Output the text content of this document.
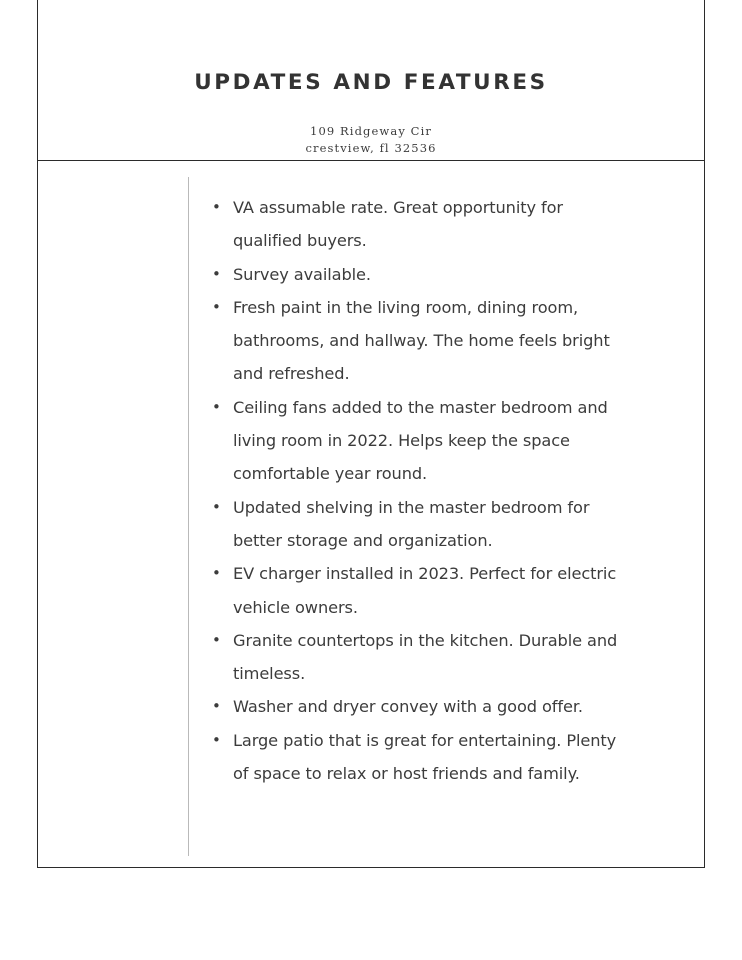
UPDATES AND FEATURES
109 Ridgeway Cir
crestview, fl 32536
• VA assumable rate. Great opportunity for qualified buyers.
• Survey available.
• Fresh paint in the living room, dining room, bathrooms, and hallway. The home feels bright and refreshed.
• Ceiling fans added to the master bedroom and living room in 2022. Helps keep the space comfortable year round.
• Updated shelving in the master bedroom for better storage and organization.
• EV charger installed in 2023. Perfect for electric vehicle owners.
• Granite countertops in the kitchen. Durable and timeless.
• Washer and dryer convey with a good offer.
• Large patio that is great for entertaining. Plenty of space to relax or host friends and family.
